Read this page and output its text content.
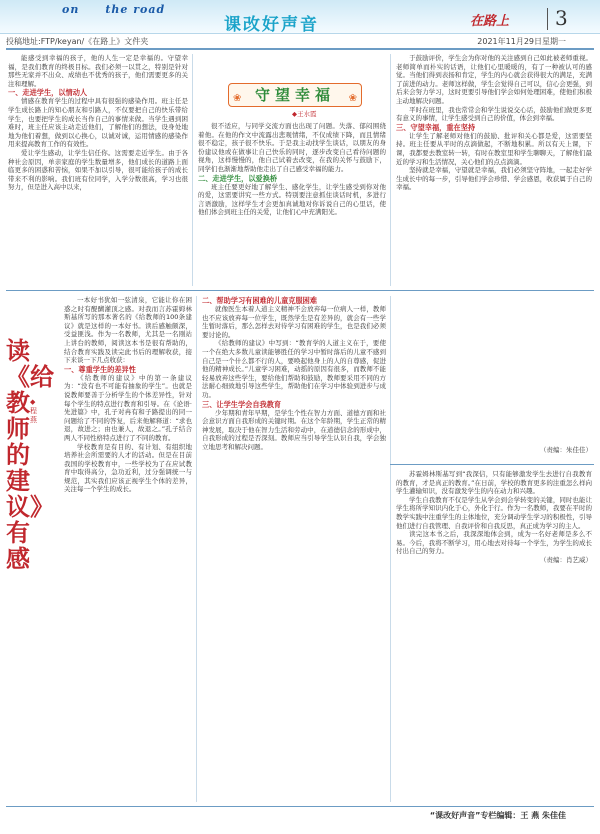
on the road
课改好声音	在路上 3
投稿地址:FTP/keyan/《在路上》文件夹	2021年11月29日星期一
❀ 守望幸福 ❀
◆王水霞

能感受到幸福的孩子，他的人生一定是幸福的。守望幸福，是我们教育的终极目标。我们必须一以贯之，特别是针对那些无家并不出众、成绩也不优秀的孩子，他们需要更多的关注和理解。

一、走进学生，以情动人

情感在教育学生的过程中具有很强的感染作用。班主任是学生成长路上的知心朋友和引路人，不仅要把自己的快乐带给学生，也要把学生的成长当作自己的事情来做。当学生遇到困难时，班主任应该主动走近他们，了解他们的想法，设身处地地为他们着想，做到以心换心，以诚对诚，运用情感的感染作用来提高教育工作的有效性。

爱让学生感动，让学生信任你。这需要走近学生。由于各种社会原因，单亲家庭的学生数量增多，他们成长的道路上面临更多的困惑和苦恼，如果不加以引导，很可能给孩子的成长带来不利的影响。我们班有位同学，入学分数很高，学习也很努力，但是进入高中以来，

很不适应，与同学交流方面也出现了问题。失落、郁闷围绕着他。在他的作文中流露出悲观情绪，不仅成绩下降，而且情绪很不稳定，孩子很不快乐。于是我主动找学生谈话，以朋友的身份建议他或在做事让自己快乐的同时，逐步改变自己看待问题的视角，这样慢慢的，他自己试着去改变，在我的关怀与鼓励下，同学们也渐渐地帮助他走出了自己感受幸福的能力。

二、走进学生，以爱换桥

班主任要更好地了解学生、感化学生，让学生感受到你对他的爱，这需要讲究一些方式。特别要注意抓住谈话时机，多进行言语激励，这样学生才会更加真诚地对你诉说自己的心里话，使他们体会到班主任的关爱，让他们心中充满阳光。

于鼓励评价，学生会为你对他的关注感到自己如此被老师重视。老师简单而朴实的话语，让他们心里暖暖的，有了一种被认可的感觉。当他们得到表扬和肯定，学生的内心就会获得很大的满足，充满了前进的动力。老师这样做，学生会觉得自己可以，信心会更强，到后来会努力学习，这时更要引导他们学会如何处理困难，使他们积极主动地解决问题。

平时在班里，我也常常会和学生说说交心话，鼓励他们做更多更有意义的事情，让学生感受到自己的价值，体会到幸福。

三、守望幸福，重在坚持

让学生了解老师对他们的鼓励、批评和关心都是爱，这需要坚持。班主任要从平时的点滴做起，不断地积累。所以有天上课，下课，我都要去教室转一转，有时在教室里和学生聊聊天，了解他们最近的学习和生活情况，关心他们的点点滴滴。

坚持就是幸福，守望就是幸福，我们必须坚守阵地，一起走好学生成长中的每一步，引导他们学会珍惜、学会感恩，收获属于自己的幸福。

读《给教师的建议》有感
◆程燕

一本好书犹如一弦清泉，它能让你在困惑之时有醍醐灌顶之感。对我而言苏霍姆林斯基所写的那本著名的《给教师的100条建议》就是这样的一本好书。读后感触颇深，受益匪浅。作为一名教师，尤其是一名刚站上讲台的教师，阅读这本书是很有帮助的，结合教育实践及读完此书后的理解收获，接下来谈一下几点收获：

一、尊重学生的差异性

《给教师的建议》中的第一条建议为：“没有也不可能有抽象的学生”。也就是说教师要善于分析学生的个体差异性，针对每个学生的特点进行教育和引导。在《论语·先进篇》中，孔子对冉有和子路提出的同一问题给了不同的答复，后来他解释道：“求也退，故进之；由也兼人，故退之。”孔子结合两人不同性格特点进行了不同的教育。

学校教育是有目的、有计划、有组织地培养社会所需要的人才的活动。但是在目前我国的学校教育中，一些学校为了在应试教育中取得高分，急功近利，过分强调统一与规范，其实我们应该正视学生个体的差异，关注每一个学生的成长。

二、帮助学习有困难的儿童克服困难

就像医生本着人道主义精神不会放弃每一位病人一样，教师也不应该放弃每一位学生，既然学生是有差异的，就会有一些学生暂时落后，那么怎样去对待学习有困难的学生，也是我们必须要讨论的。

《给教师的建议》中写到：“教育学的人道主义在于，要使一个在绝大多数儿童读能够胜任的学习中暂时落后的儿童不感到自己是一个什么都不行的人，要唤起他身上的人的自尊感，促进他的精神成长。”儿童学习困难，动摇的原因有很多，而教师不能轻易放弃这些学生，要给他们帮助和鼓励，教师要采用不同的方法耐心细致地引导这些学生，帮助他们在学习中体验到进步与成功。

三、让学生学会自我教育

少年期和青年早期，是学生个性在智力方面、道德方面和社会意识方面自我形成的关键时期。在这个年龄期，学生正常的精神发展，取决于他在智力生活和劳动中，在道德信念的形成中，自我形成的过程是否深刻。教师应当引导学生认识自我，学会独立地思考和解决问题。	（责编：朱佳佳）

苏霍姆林斯基写到“我深信，只有能够激发学生去进行自我教育的教育，才是真正的教育。”在日前，学校的教育更多的注重怎么样向学生灌输知识，没有激发学生的内在动力和兴趣。

学生自我教育不仅是学生从学会到会学转变的关键，同时也能让学生将所学知识内化于心，外化于行。作为一名教师，我要在平时的教学实践中注重学生的主体地位，充分调动学生学习的积极性，引导他们进行自我管理、自我评价和自我反思，真正成为学习的主人。

读完这本书之后，我深深地体会到，成为一名好老师是多么不易。今后，我将不断学习，用心地去对待每一个学生，为学生的成长付出自己的努力。

（责编：肖艺威）
“课改好声音”专栏编辑：王 燕 朱佳佳
